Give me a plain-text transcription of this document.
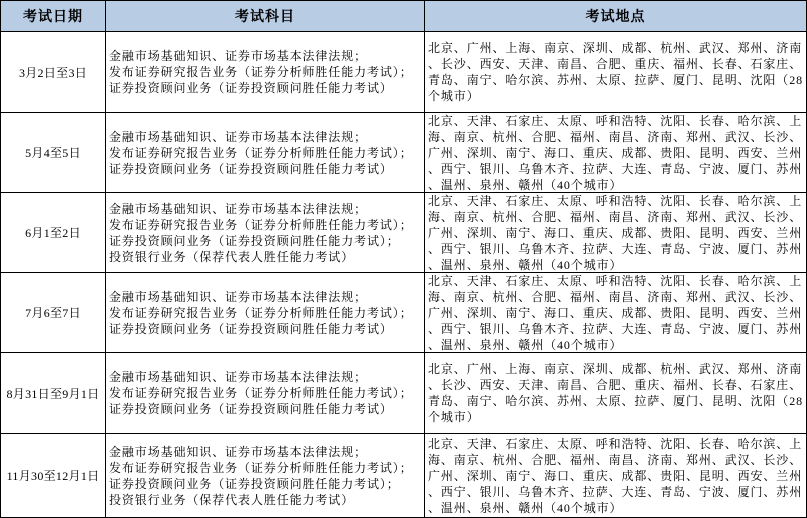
考试日期	考试科目	考试地点
3月2日至3日
金融市场基础知识、证券市场基本法律法规；
发布证券研究报告业务（证券分析师胜任能力考试）；
证券投资顾问业务（证券投资顾问胜任能力考试）
北京、广州、上海、南京、深圳、成都、杭州、武汉、郑州、济南、长沙、西安、天津、南昌、合肥、重庆、福州、长春、石家庄、青岛、南宁、哈尔滨、苏州、太原、拉萨、厦门、昆明、沈阳（28个城市）
5月4至5日
金融市场基础知识、证券市场基本法律法规；
发布证券研究报告业务（证券分析师胜任能力考试）；
证券投资顾问业务（证券投资顾问胜任能力考试）
北京、天津、石家庄、太原、呼和浩特、沈阳、长春、哈尔滨、上海、南京、杭州、合肥、福州、南昌、济南、郑州、武汉、长沙、广州、深圳、南宁、海口、重庆、成都、贵阳、昆明、西安、兰州、西宁、银川、乌鲁木齐、拉萨、大连、青岛、宁波、厦门、苏州、温州、泉州、赣州（40个城市）
6月1至2日
金融市场基础知识、证券市场基本法律法规；
发布证券研究报告业务（证券分析师胜任能力考试）；
证券投资顾问业务（证券投资顾问胜任能力考试）；
投资银行业务（保荐代表人胜任能力考试）
北京、天津、石家庄、太原、呼和浩特、沈阳、长春、哈尔滨、上海、南京、杭州、合肥、福州、南昌、济南、郑州、武汉、长沙、广州、深圳、南宁、海口、重庆、成都、贵阳、昆明、西安、兰州、西宁、银川、乌鲁木齐、拉萨、大连、青岛、宁波、厦门、苏州、温州、泉州、赣州（40个城市）
7月6至7日
金融市场基础知识、证券市场基本法律法规；
发布证券研究报告业务（证券分析师胜任能力考试）；
证券投资顾问业务（证券投资顾问胜任能力考试）
北京、天津、石家庄、太原、呼和浩特、沈阳、长春、哈尔滨、上海、南京、杭州、合肥、福州、南昌、济南、郑州、武汉、长沙、广州、深圳、南宁、海口、重庆、成都、贵阳、昆明、西安、兰州、西宁、银川、乌鲁木齐、拉萨、大连、青岛、宁波、厦门、苏州、温州、泉州、赣州（40个城市）
8月31日至9月1日
金融市场基础知识、证券市场基本法律法规；
发布证券研究报告业务（证券分析师胜任能力考试）；
证券投资顾问业务（证券投资顾问胜任能力考试）
北京、广州、上海、南京、深圳、成都、杭州、武汉、郑州、济南、长沙、西安、天津、南昌、合肥、重庆、福州、长春、石家庄、青岛、南宁、哈尔滨、苏州、太原、拉萨、厦门、昆明、沈阳（28个城市）
11月30至12月1日
金融市场基础知识、证券市场基本法律法规；
发布证券研究报告业务（证券分析师胜任能力考试）；
证券投资顾问业务（证券投资顾问胜任能力考试）；
投资银行业务（保荐代表人胜任能力考试）
北京、天津、石家庄、太原、呼和浩特、沈阳、长春、哈尔滨、上海、南京、杭州、合肥、福州、南昌、济南、郑州、武汉、长沙、广州、深圳、南宁、海口、重庆、成都、贵阳、昆明、西安、兰州、西宁、银川、乌鲁木齐、拉萨、大连、青岛、宁波、厦门、苏州、温州、泉州、赣州（40个城市）
